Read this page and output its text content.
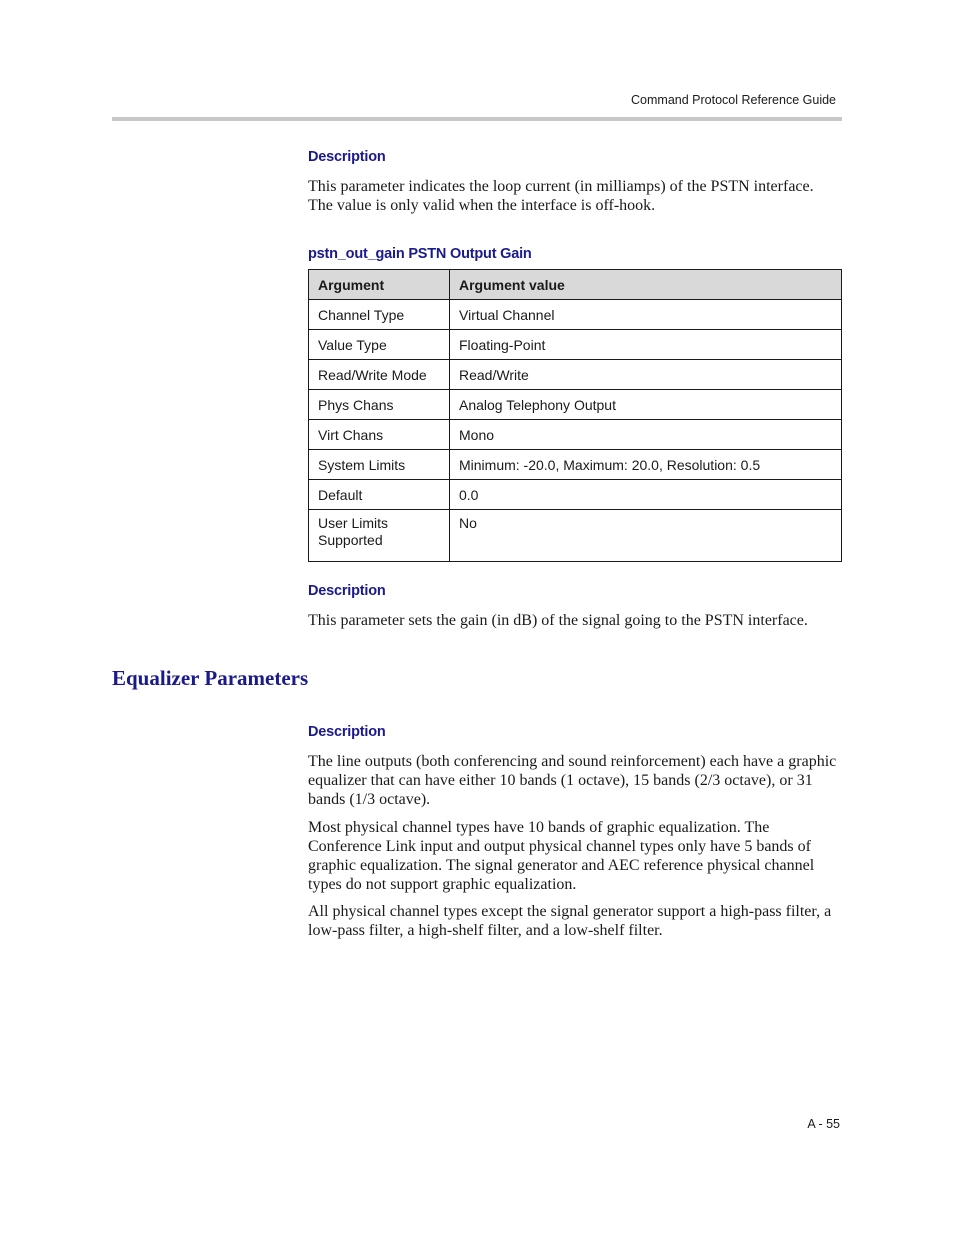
Command Protocol Reference Guide
Description

This parameter indicates the loop current (in milliamps) of the PSTN interface. The value is only valid when the interface is off-hook.

pstn_out_gain PSTN Output Gain
Argument	Argument value
Channel Type	Virtual Channel
Value Type	Floating-Point
Read/Write Mode	Read/Write
Phys Chans	Analog Telephony Output
Virt Chans	Mono
System Limits	Minimum: -20.0, Maximum: 20.0, Resolution: 0.5
Default	0.0
User Limits Supported	No
Description

This parameter sets the gain (in dB) of the signal going to the PSTN interface.

Equalizer Parameters
Description

The line outputs (both conferencing and sound reinforcement) each have a graphic equalizer that can have either 10 bands (1 octave), 15 bands (2/3 octave), or 31 bands (1/3 octave).

Most physical channel types have 10 bands of graphic equalization. The Conference Link input and output physical channel types only have 5 bands of graphic equalization. The signal generator and AEC reference physical channel types do not support graphic equalization.

All physical channel types except the signal generator support a high-pass filter, a low-pass filter, a high-shelf filter, and a low-shelf filter.

A - 55
